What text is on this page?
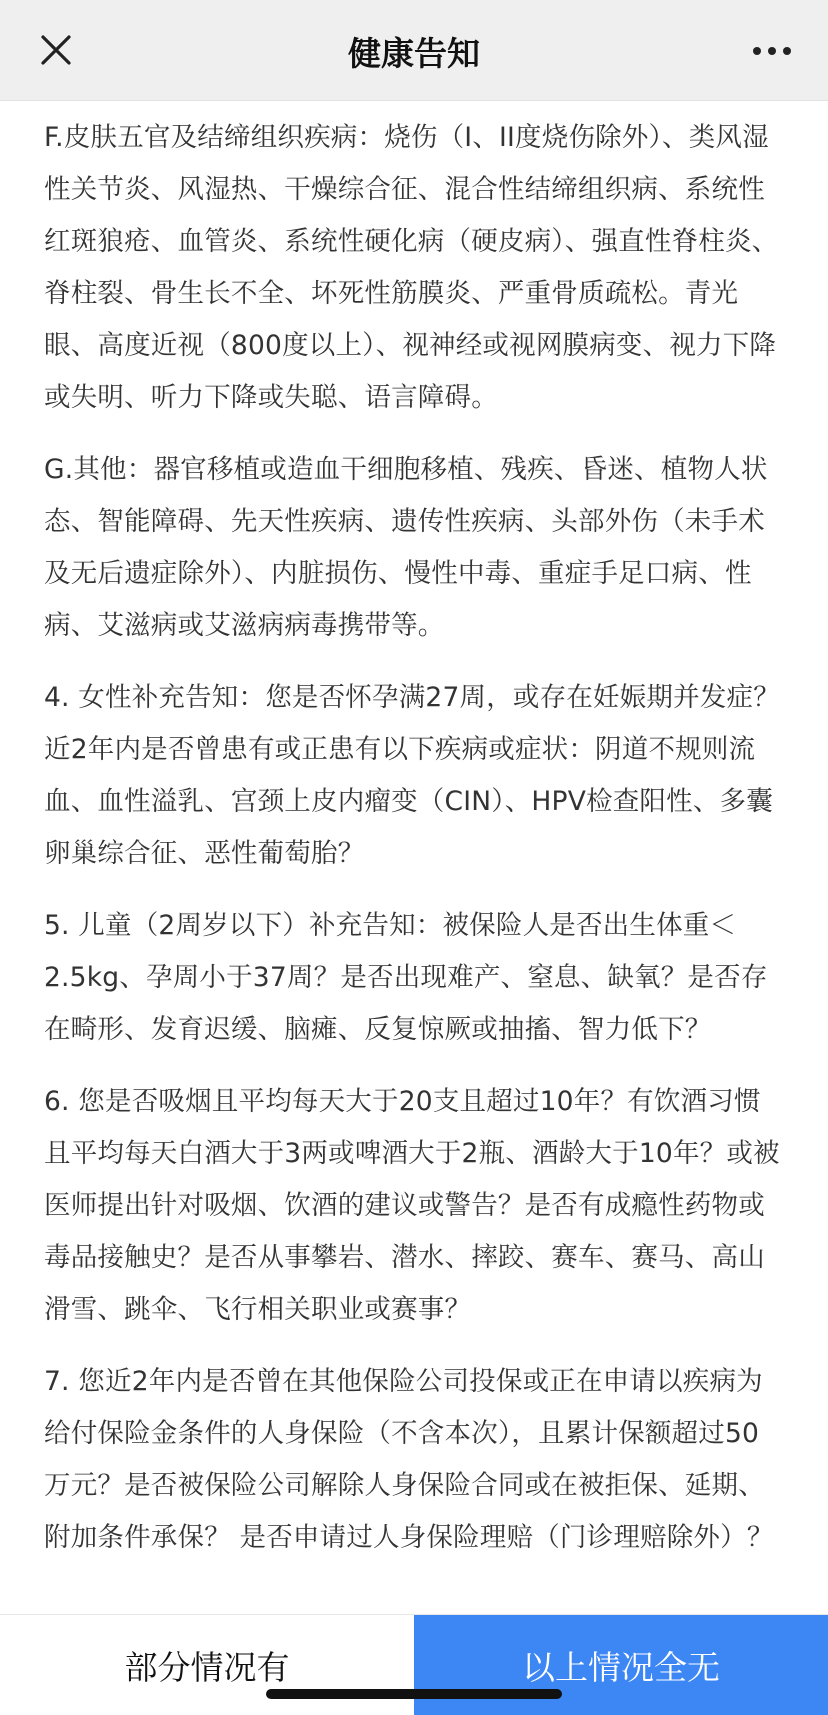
健康告知

F.皮肤五官及结缔组织疾病：烧伤（I、II度烧伤除外）、类风湿性关节炎、风湿热、干燥综合征、混合性结缔组织病、系统性红斑狼疮、血管炎、系统性硬化病（硬皮病）、强直性脊柱炎、脊柱裂、骨生长不全、坏死性筋膜炎、严重骨质疏松。青光眼、高度近视（800度以上）、视神经或视网膜病变、视力下降或失明、听力下降或失聪、语言障碍。

G.其他：器官移植或造血干细胞移植、残疾、昏迷、植物人状态、智能障碍、先天性疾病、遗传性疾病、头部外伤（未手术及无后遗症除外）、内脏损伤、慢性中毒、重症手足口病、性病、艾滋病或艾滋病病毒携带等。

4. 女性补充告知：您是否怀孕满27周，或存在妊娠期并发症？近2年内是否曾患有或正患有以下疾病或症状：阴道不规则流血、血性溢乳、宫颈上皮内瘤变（CIN）、HPV检查阳性、多囊卵巢综合征、恶性葡萄胎？

5. 儿童（2周岁以下）补充告知：被保险人是否出生体重＜2.5kg、孕周小于37周？是否出现难产、窒息、缺氧？是否存在畸形、发育迟缓、脑瘫、反复惊厥或抽搐、智力低下？

6. 您是否吸烟且平均每天大于20支且超过10年？有饮酒习惯且平均每天白酒大于3两或啤酒大于2瓶、酒龄大于10年？或被医师提出针对吸烟、饮酒的建议或警告？是否有成瘾性药物或毒品接触史？是否从事攀岩、潜水、摔跤、赛车、赛马、高山滑雪、跳伞、飞行相关职业或赛事？

7. 您近2年内是否曾在其他保险公司投保或正在申请以疾病为给付保险金条件的人身保险（不含本次），且累计保额超过50万元？是否被保险公司解除人身保险合同或在被拒保、延期、附加条件承保？ 是否申请过人身保险理赔（门诊理赔除外）？

部分情况有	以上情况全无
